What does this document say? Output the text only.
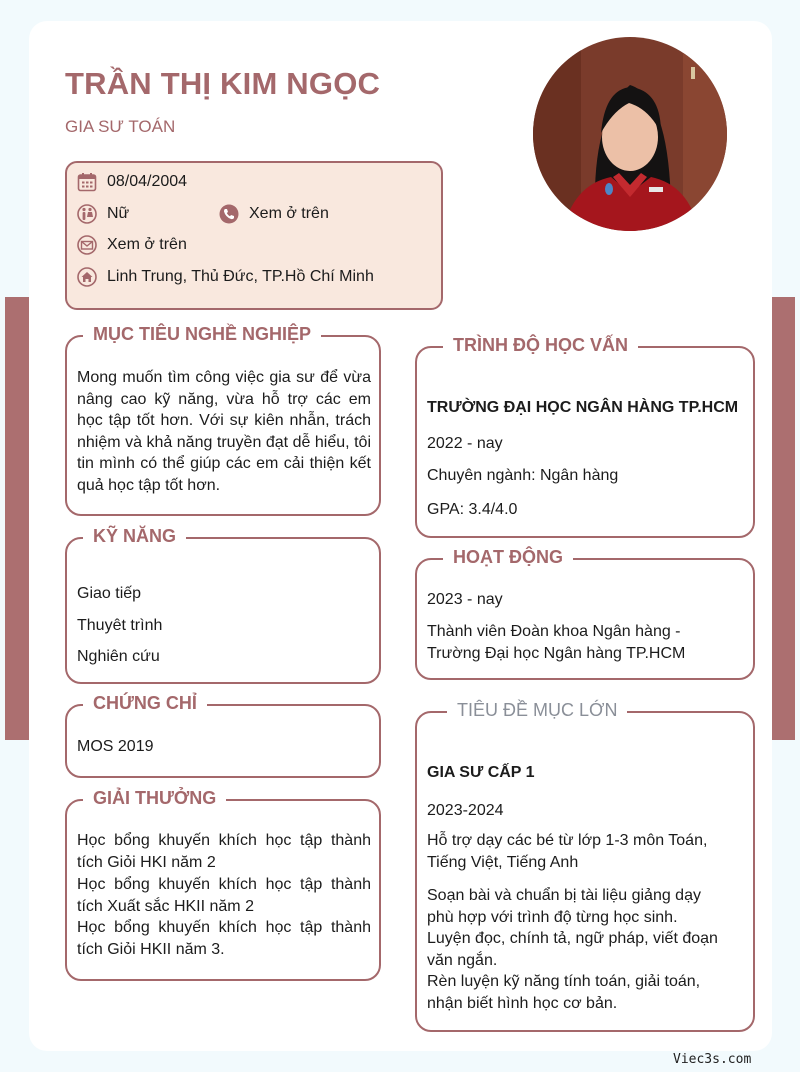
TRẦN THỊ KIM NGỌC
GIA SƯ TOÁN
08/04/2004
Nữ	Xem ở trên
Xem ở trên
Linh Trung, Thủ Đức, TP.Hồ Chí Minh
MỤC TIÊU NGHỀ NGHIỆP
Mong muốn tìm công việc gia sư để vừa nâng cao kỹ năng, vừa hỗ trợ các em học tập tốt hơn. Với sự kiên nhẫn, trách nhiệm và khả năng truyền đạt dễ hiểu, tôi tin mình có thể giúp các em cải thiện kết quả học tập tốt hơn.
KỸ NĂNG
Giao tiếp
Thuyêt trình
Nghiên cứu
CHỨNG CHỈ
MOS 2019
GIẢI THƯỞNG
Học bổng khuyến khích học tập thành tích Giỏi HKI năm 2
Học bổng khuyến khích học tập thành tích Xuất sắc HKII năm 2
Học bổng khuyến khích học tập thành tích Giỏi HKII năm 3.
TRÌNH ĐỘ HỌC VẤN
TRƯỜNG ĐẠI HỌC NGÂN HÀNG TP.HCM
2022 - nay
Chuyên ngành: Ngân hàng
GPA: 3.4/4.0
HOẠT ĐỘNG
2023 - nay
Thành viên Đoàn khoa Ngân hàng - Trường Đại học Ngân hàng TP.HCM
TIÊU ĐỀ MỤC LỚN
GIA SƯ CẤP 1
2023-2024
Hỗ trợ dạy các bé từ lớp 1-3 môn Toán, Tiếng Việt, Tiếng Anh
Soạn bài và chuẩn bị tài liệu giảng dạy phù hợp với trình độ từng học sinh.
Luyện đọc, chính tả, ngữ pháp, viết đoạn văn ngắn.
Rèn luyện kỹ năng tính toán, giải toán, nhận biết hình học cơ bản.
Viec3s.com
